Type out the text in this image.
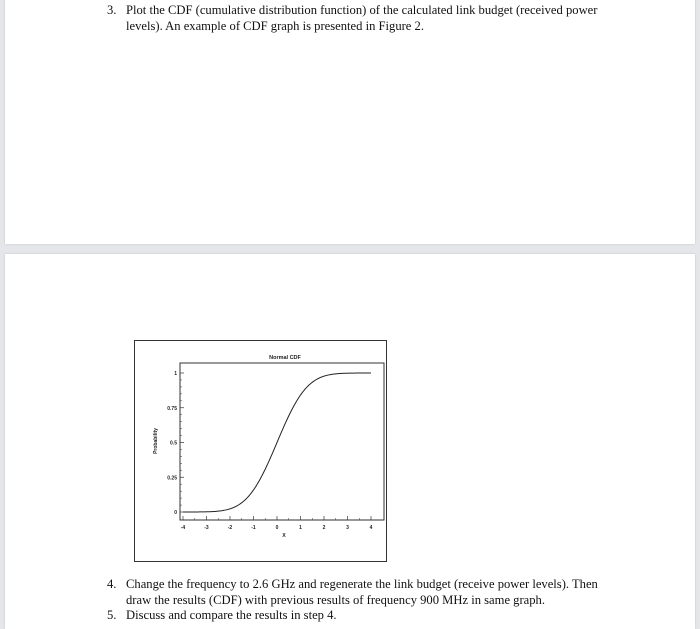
Normal CDF
X
Probability
-4	-3	-2	-1	0	1	2	3	4
0
0.25
0.5
0.75
1
3. Plot the CDF (cumulative distribution function) of the calculated link budget (received power
levels). An example of CDF graph is presented in Figure 2.
4. Change the frequency to 2.6 GHz and regenerate the link budget (receive power levels). Then
draw the results (CDF) with previous results of frequency 900 MHz in same graph.
5. Discuss and compare the results in step 4.
